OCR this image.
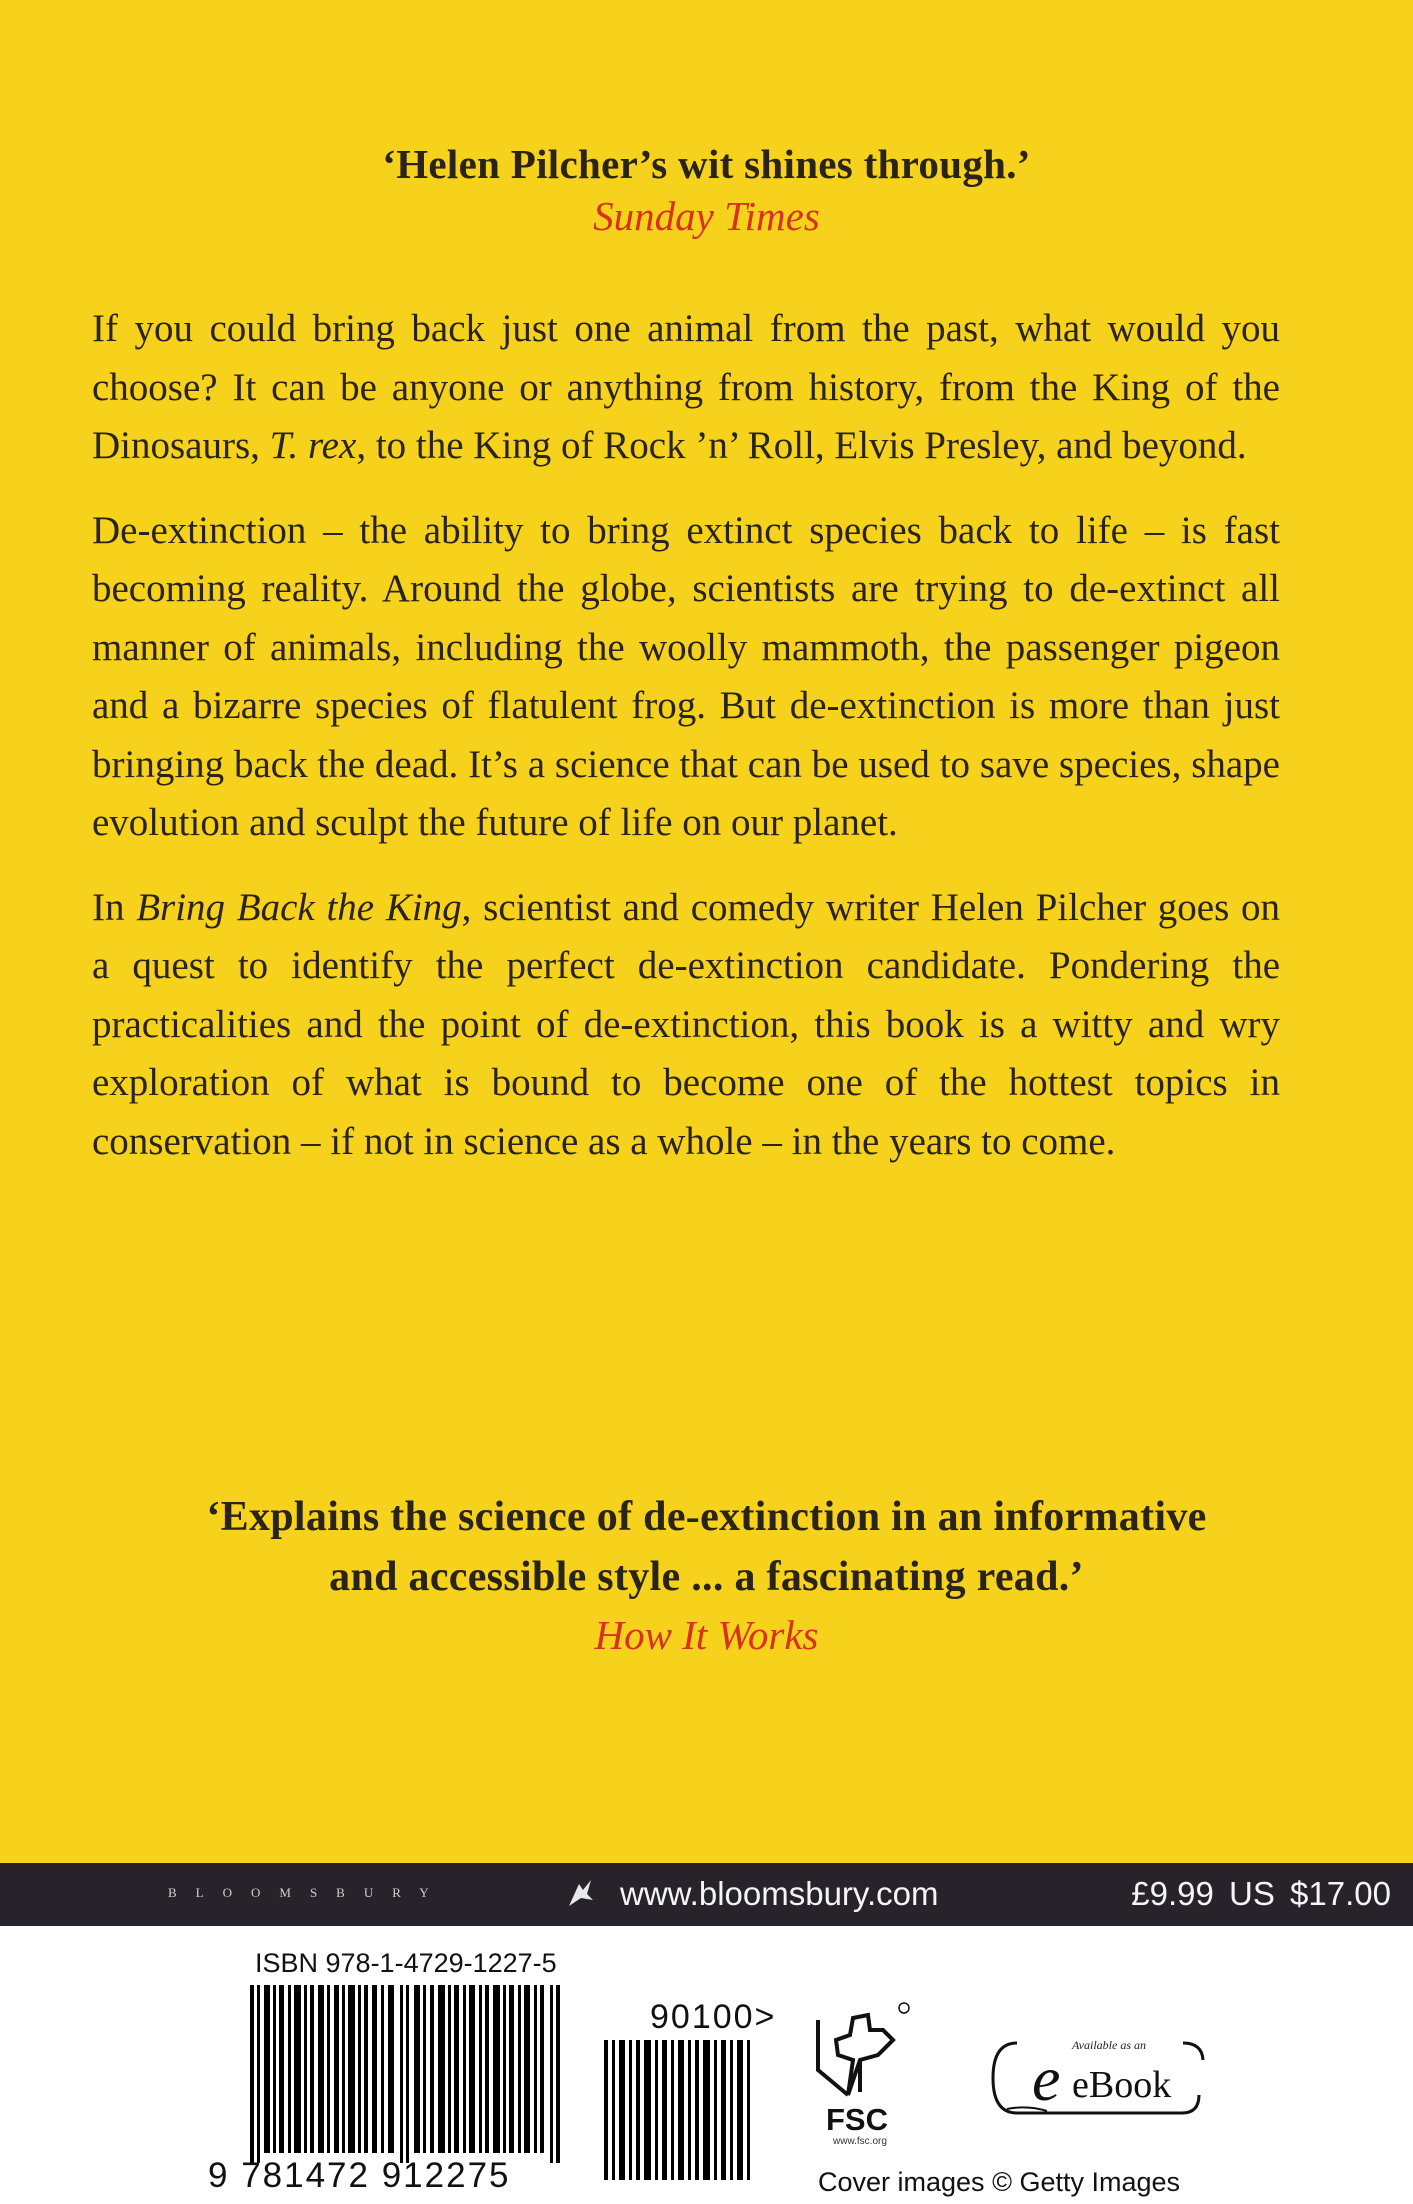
‘Helen Pilcher’s wit shines through.’
Sunday Times

If you could bring back just one animal from the past, what would you choose? It can be anyone or anything from history, from the King of the Dinosaurs, T. rex, to the King of Rock ’n’ Roll, Elvis Presley, and beyond.

De-extinction – the ability to bring extinct species back to life – is fast becoming reality. Around the globe, scientists are trying to de-extinct all manner of animals, including the woolly mammoth, the passenger pigeon and a bizarre species of flatulent frog. But de-extinction is more than just bringing back the dead. It’s a science that can be used to save species, shape evolution and sculpt the future of life on our planet.

In Bring Back the King, scientist and comedy writer Helen Pilcher goes on a quest to identify the perfect de-extinction candidate. Pondering the practicalities and the point of de-extinction, this book is a witty and wry exploration of what is bound to become one of the hottest topics in conservation – if not in science as a whole – in the years to come.

‘Explains the science of de-extinction in an informative
and accessible style ... a fascinating read.’
How It Works
BLOOMSBURY	www.bloomsbury.com	£9.99 US $17.00
ISBN 978-1-4729-1227-5
9 781472 912275
90100>
FSC
www.fsc.org
Available as an
e eBook
Cover images © Getty Images
